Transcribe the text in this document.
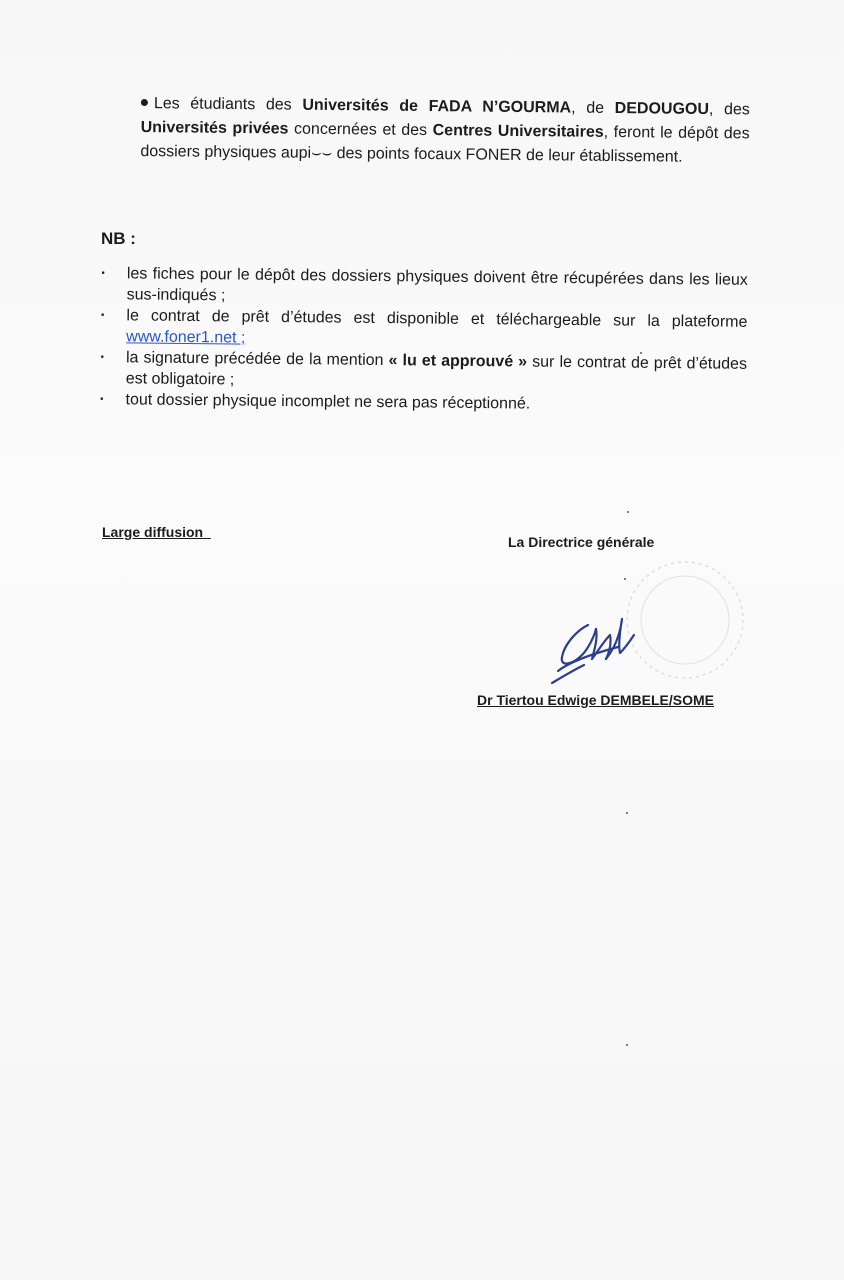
Les étudiants des Universités de FADA N’GOURMA, de DEDOUGOU, des Universités privées concernées et des Centres Universitaires, feront le dépôt des dossiers physiques aupi⌣⌣ des points focaux FONER de leur établissement.
NB :
· les fiches pour le dépôt des dossiers physiques doivent être récupérées dans les lieux sus-indiqués ;
· le contrat de prêt d’études est disponible et téléchargeable sur la plateforme www.foner1.net ;
· la signature précédée de la mention « lu et approuvé » sur le contrat de prêt d’études est obligatoire ;
· tout dossier physique incomplet ne sera pas réceptionné.
Large diffusion
La Directrice générale
Dr Tiertou Edwige DEMBELE/SOME
